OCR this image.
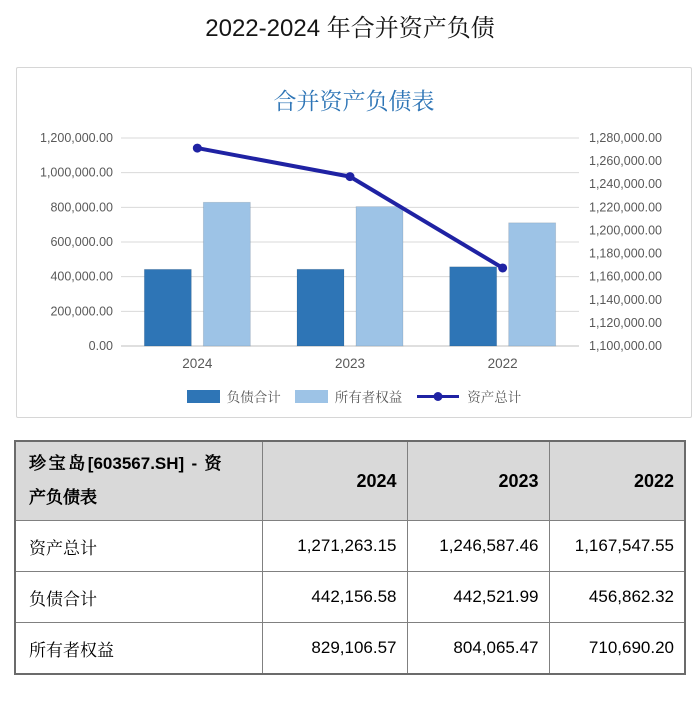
2022-2024 年合并资产负债
合并资产负债表
0.00
200,000.00
400,000.00
600,000.00
800,000.00
1,000,000.00
1,200,000.00
1,100,000.00
1,120,000.00
1,140,000.00
1,160,000.00
1,180,000.00
1,200,000.00
1,220,000.00
1,240,000.00
1,260,000.00
1,280,000.00
2024	2023	2022
负债合计	所有者权益	资产总计
珍宝岛[603567.SH] - 资产负债表	2024	2023	2022
资产总计	1,271,263.15	1,246,587.46	1,167,547.55
负债合计	442,156.58	442,521.99	456,862.32
所有者权益	829,106.57	804,065.47	710,690.20
